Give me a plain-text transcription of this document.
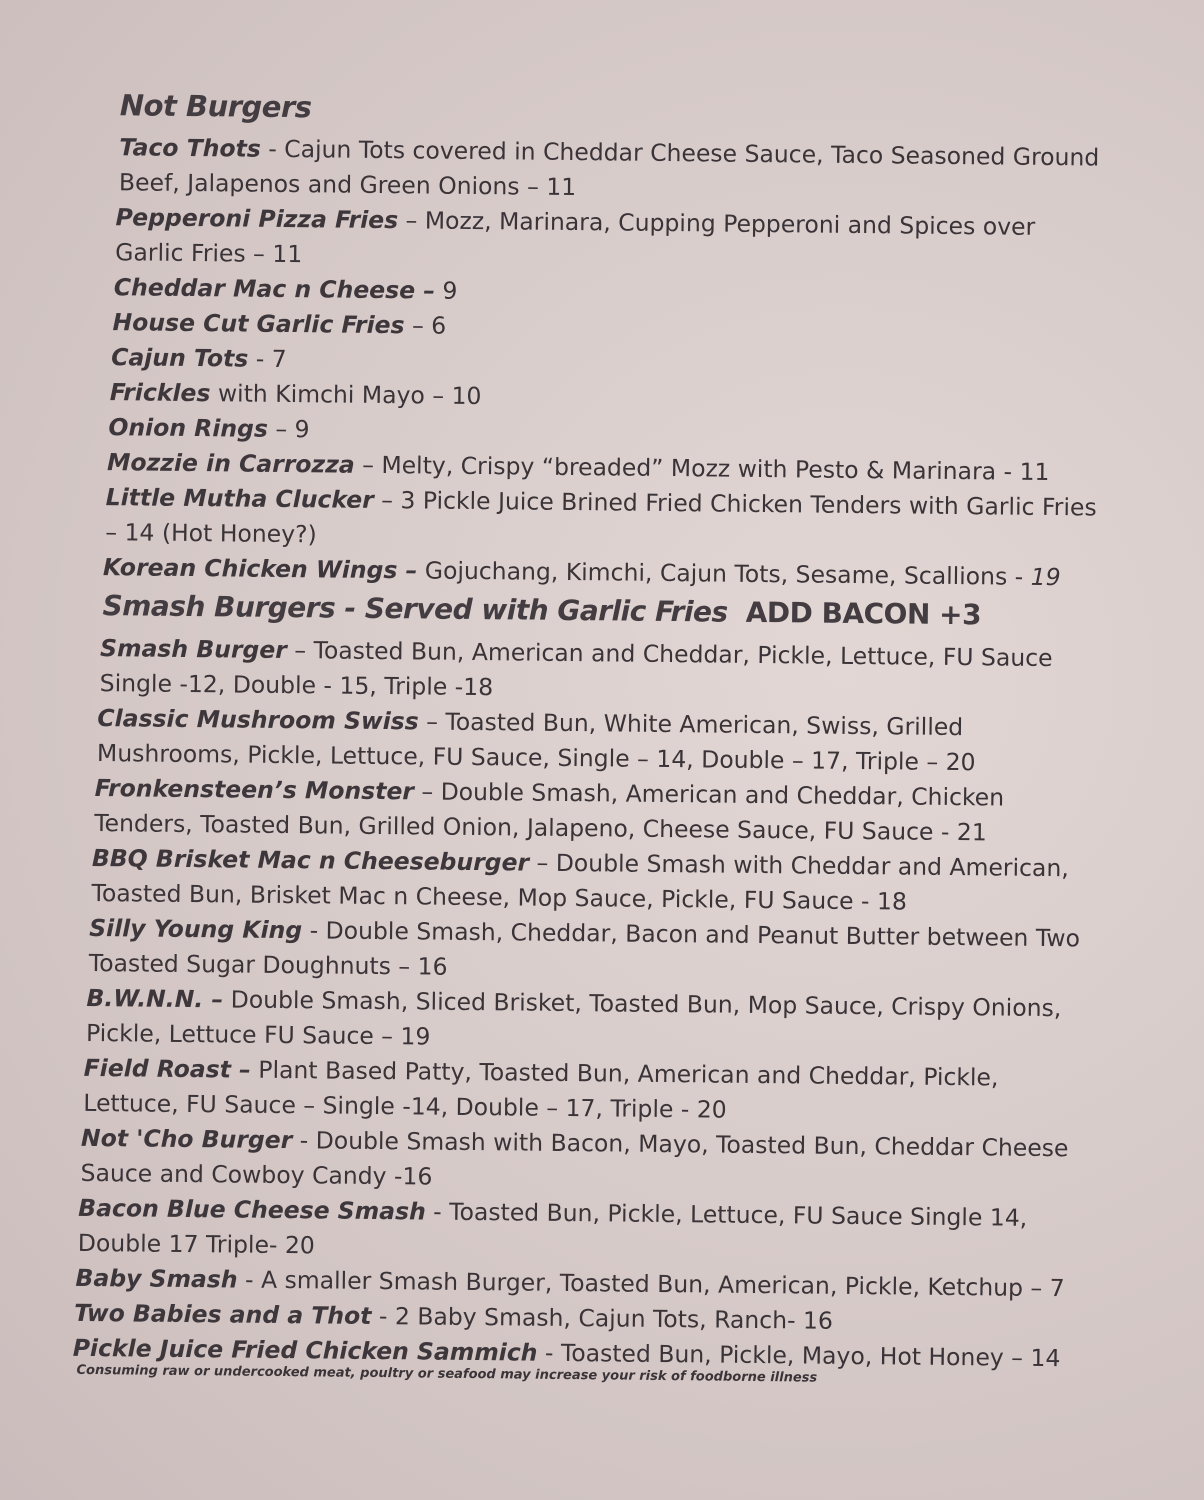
Not Burgers

Taco Thots - Cajun Tots covered in Cheddar Cheese Sauce, Taco Seasoned Ground Beef, Jalapenos and Green Onions – 11

Pepperoni Pizza Fries – Mozz, Marinara, Cupping Pepperoni and Spices over Garlic Fries – 11

Cheddar Mac n Cheese – 9

House Cut Garlic Fries – 6

Cajun Tots - 7

Frickles with Kimchi Mayo – 10

Onion Rings – 9

Mozzie in Carrozza – Melty, Crispy “breaded” Mozz with Pesto & Marinara - 11

Little Mutha Clucker – 3 Pickle Juice Brined Fried Chicken Tenders with Garlic Fries – 14 (Hot Honey?)

Korean Chicken Wings – Gojuchang, Kimchi, Cajun Tots, Sesame, Scallions - 19

Smash Burgers - Served with Garlic Fries ADD BACON +3

Smash Burger – Toasted Bun, American and Cheddar, Pickle, Lettuce, FU Sauce Single -12, Double - 15, Triple -18

Classic Mushroom Swiss – Toasted Bun, White American, Swiss, Grilled Mushrooms, Pickle, Lettuce, FU Sauce, Single – 14, Double – 17, Triple – 20

Fronkensteen’s Monster – Double Smash, American and Cheddar, Chicken Tenders, Toasted Bun, Grilled Onion, Jalapeno, Cheese Sauce, FU Sauce - 21

BBQ Brisket Mac n Cheeseburger – Double Smash with Cheddar and American, Toasted Bun, Brisket Mac n Cheese, Mop Sauce, Pickle, FU Sauce - 18

Silly Young King - Double Smash, Cheddar, Bacon and Peanut Butter between Two Toasted Sugar Doughnuts – 16

B.W.N.N. – Double Smash, Sliced Brisket, Toasted Bun, Mop Sauce, Crispy Onions, Pickle, Lettuce FU Sauce – 19

Field Roast – Plant Based Patty, Toasted Bun, American and Cheddar, Pickle, Lettuce, FU Sauce – Single -14, Double – 17, Triple - 20

Not 'Cho Burger - Double Smash with Bacon, Mayo, Toasted Bun, Cheddar Cheese Sauce and Cowboy Candy -16

Bacon Blue Cheese Smash - Toasted Bun, Pickle, Lettuce, FU Sauce Single 14, Double 17 Triple- 20

Baby Smash - A smaller Smash Burger, Toasted Bun, American, Pickle, Ketchup – 7

Two Babies and a Thot - 2 Baby Smash, Cajun Tots, Ranch- 16

Pickle Juice Fried Chicken Sammich - Toasted Bun, Pickle, Mayo, Hot Honey – 14

Consuming raw or undercooked meat, poultry or seafood may increase your risk of foodborne illness
